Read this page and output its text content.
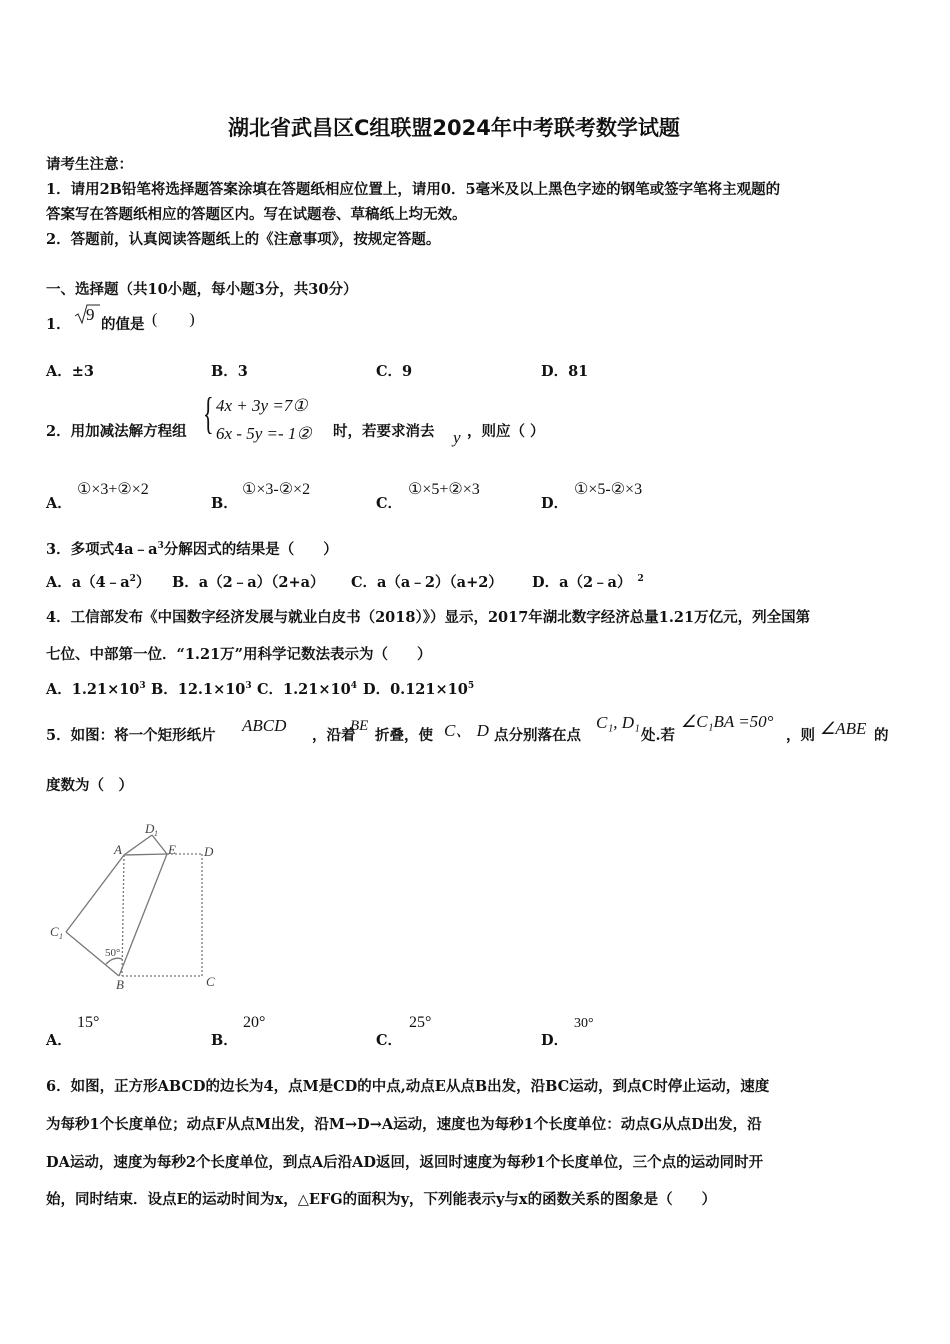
湖北省武昌区C组联盟2024年中考联考数学试题
请考生注意：
1．请用2B铅笔将选择题答案涂填在答题纸相应位置上，请用0．5毫米及以上黑色字迹的钢笔或签字笔将主观题的
答案写在答题纸相应的答题区内。写在试题卷、草稿纸上均无效。
2．答题前，认真阅读答题纸上的《注意事项》，按规定答题。
一、选择题（共10小题，每小题3分，共30分）
1．
9
的值是 (　　)
A．±3	B．3	C．9	D．81
2．用加减法解方程组 { 4x + 3y =7①
6x - 5y =- 1② 时，若要求消去 y ，则应（ ）
A．
①×3+②×2
B．
①×3-②×2
C．
①×5+②×3
D．
①×5-②×3
3．多项式$4a﹣a^3$分解因式的结果是（　　）
A．$a(4﹣a^2)$ B．a（2﹣a）（2+a） C．a（a﹣2）（a+2） D．a（2﹣a） $^2$
4．工信部发布《中国数字经济发展与就业白皮书（2018）》）显示，2017年湖北数字经济总量1.21万亿元，列全国第
七位、中部第一位．“1.21万”用科学记数法表示为（　　）
A．$1.21\times 10^3$ B．$12.1\times 10^3$ C．$1.21\times 10^4$ D．$0.121\times 10^5$
5．如图：将一个矩形纸片
ABCD
，沿着
BE
折叠，使 C、 D 点分别落在点
C₁, D₁
处.若
∠C₁BA =50°
，则 ∠ABE 的
度数为（　）
A
D 1
E D
C 1
B	C
50°
A．
15°
B．
20°
C．
25°
D．
30°
6．如图，正方形ABCD的边长为4，点M是CD的中点,动点E从点B出发，沿BC运动，到点C时停止运动，速度
为每秒1个长度单位；动点F从点M出发，沿M→D→A运动，速度也为每秒1个长度单位：动点G从点D出发，沿
DA运动，速度为每秒2个长度单位，到点A后沿AD返回，返回时速度为每秒1个长度单位，三个点的运动同时开
始，同时结束．设点E的运动时间为x，△EFG的面积为y，下列能表示y与x的函数关系的图象是（　　）
